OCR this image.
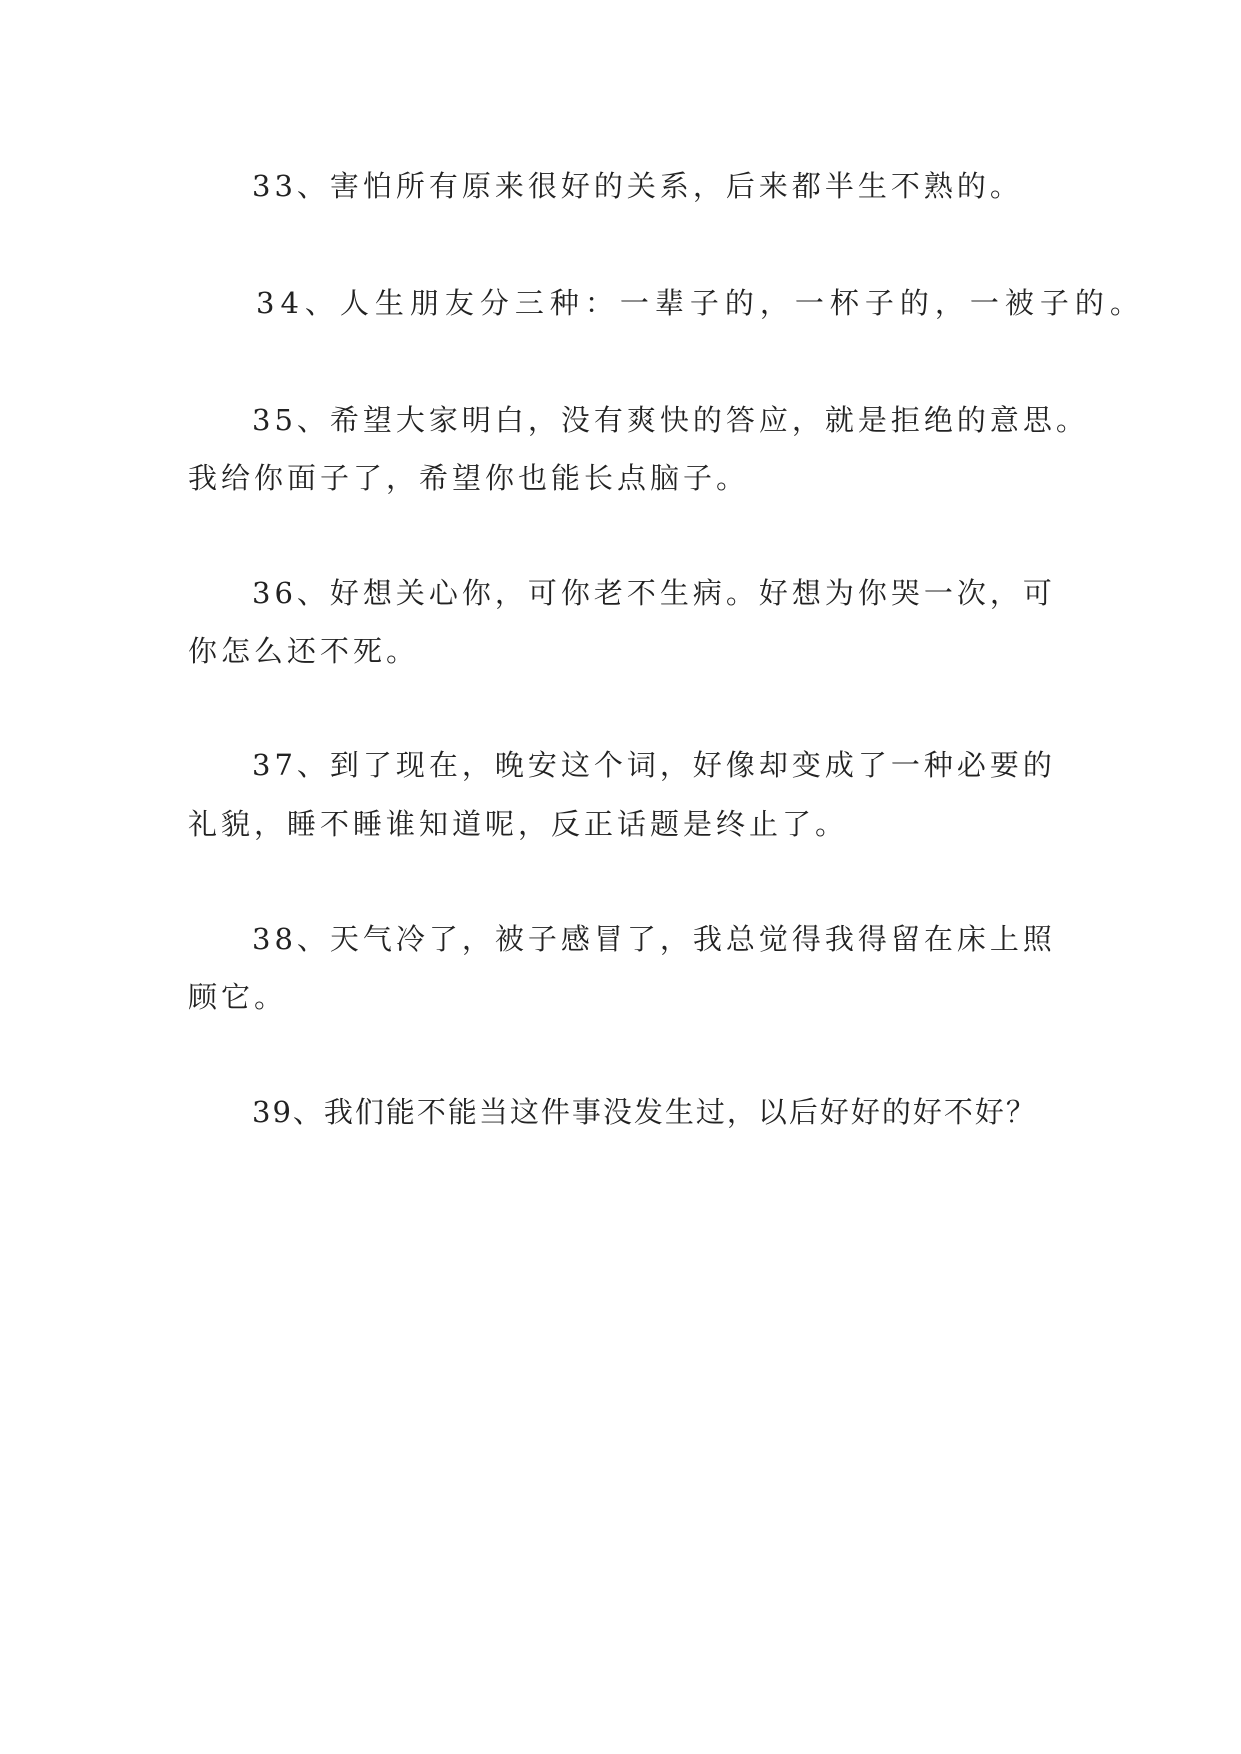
33、害怕所有原来很好的关系，后来都半生不熟的。

34、人生朋友分三种：一辈子的，一杯子的，一被子的。

35、希望大家明白，没有爽快的答应，就是拒绝的意思。

我给你面子了，希望你也能长点脑子。

36、好想关心你，可你老不生病。好想为你哭一次，可

你怎么还不死。

37、到了现在，晚安这个词，好像却变成了一种必要的

礼貌，睡不睡谁知道呢，反正话题是终止了。

38、天气冷了，被子感冒了，我总觉得我得留在床上照

顾它。

39、我们能不能当这件事没发生过，以后好好的好不好？
